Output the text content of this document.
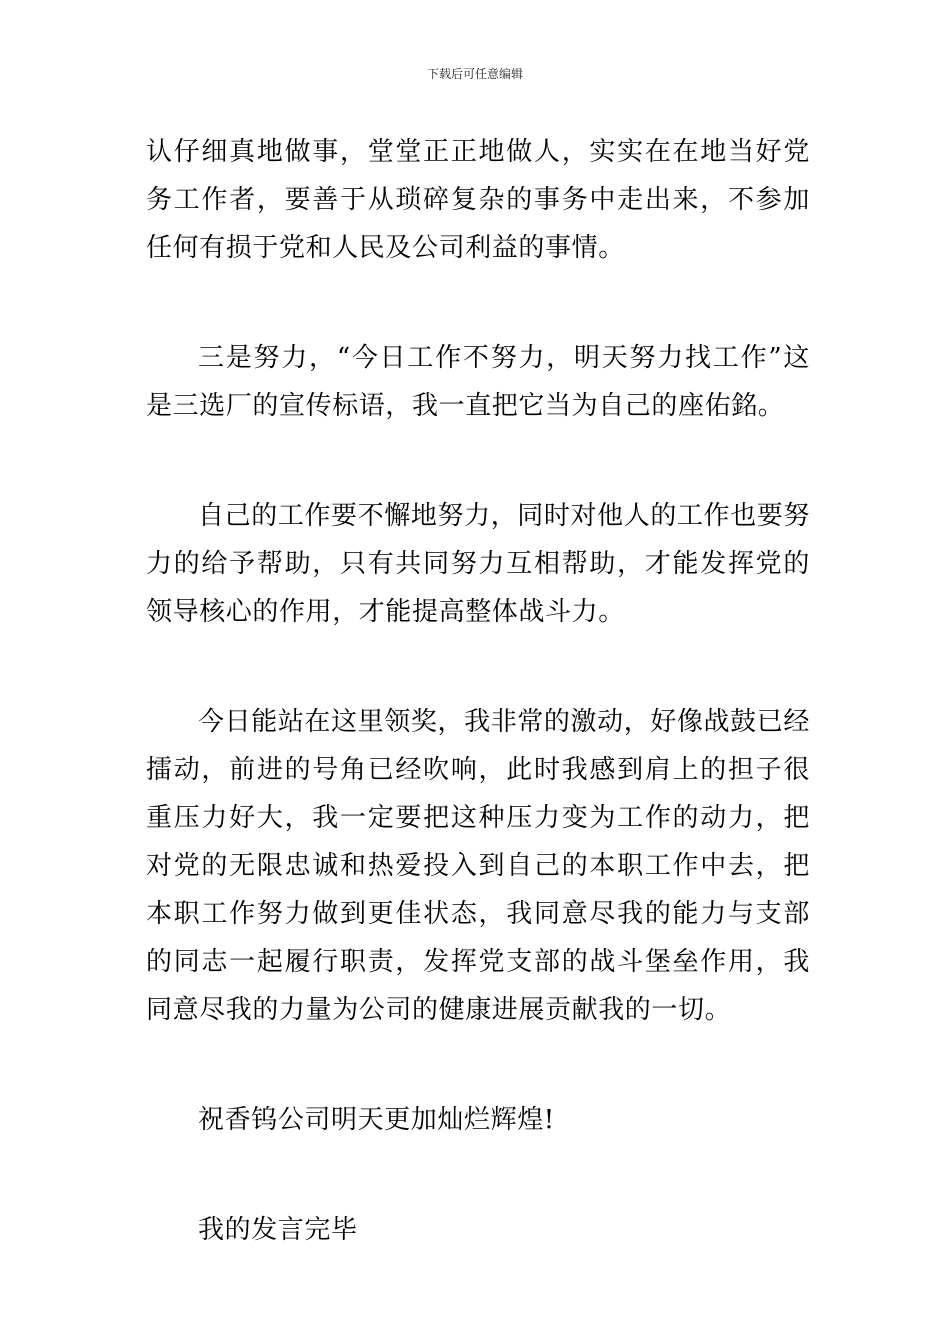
下载后可任意编辑

认仔细真地做事，堂堂正正地做人，实实在在地当好党务工作者，要善于从琐碎复杂的事务中走出来，不参加任何有损于党和人民及公司利益的事情。

三是努力，“今日工作不努力，明天努力找工作”这是三选厂的宣传标语，我一直把它当为自己的座佑銘。

自己的工作要不懈地努力，同时对他人的工作也要努力的给予帮助，只有共同努力互相帮助，才能发挥党的领导核心的作用，才能提高整体战斗力。

今日能站在这里领奖，我非常的激动，好像战鼓已经擂动，前进的号角已经吹响，此时我感到肩上的担子很重压力好大，我一定要把这种压力变为工作的动力，把对党的无限忠诚和热爱投入到自己的本职工作中去，把本职工作努力做到更佳状态，我同意尽我的能力与支部的同志一起履行职责，发挥党支部的战斗堡垒作用，我同意尽我的力量为公司的健康进展贡献我的一切。

祝香钨公司明天更加灿烂辉煌!

我的发言完毕
